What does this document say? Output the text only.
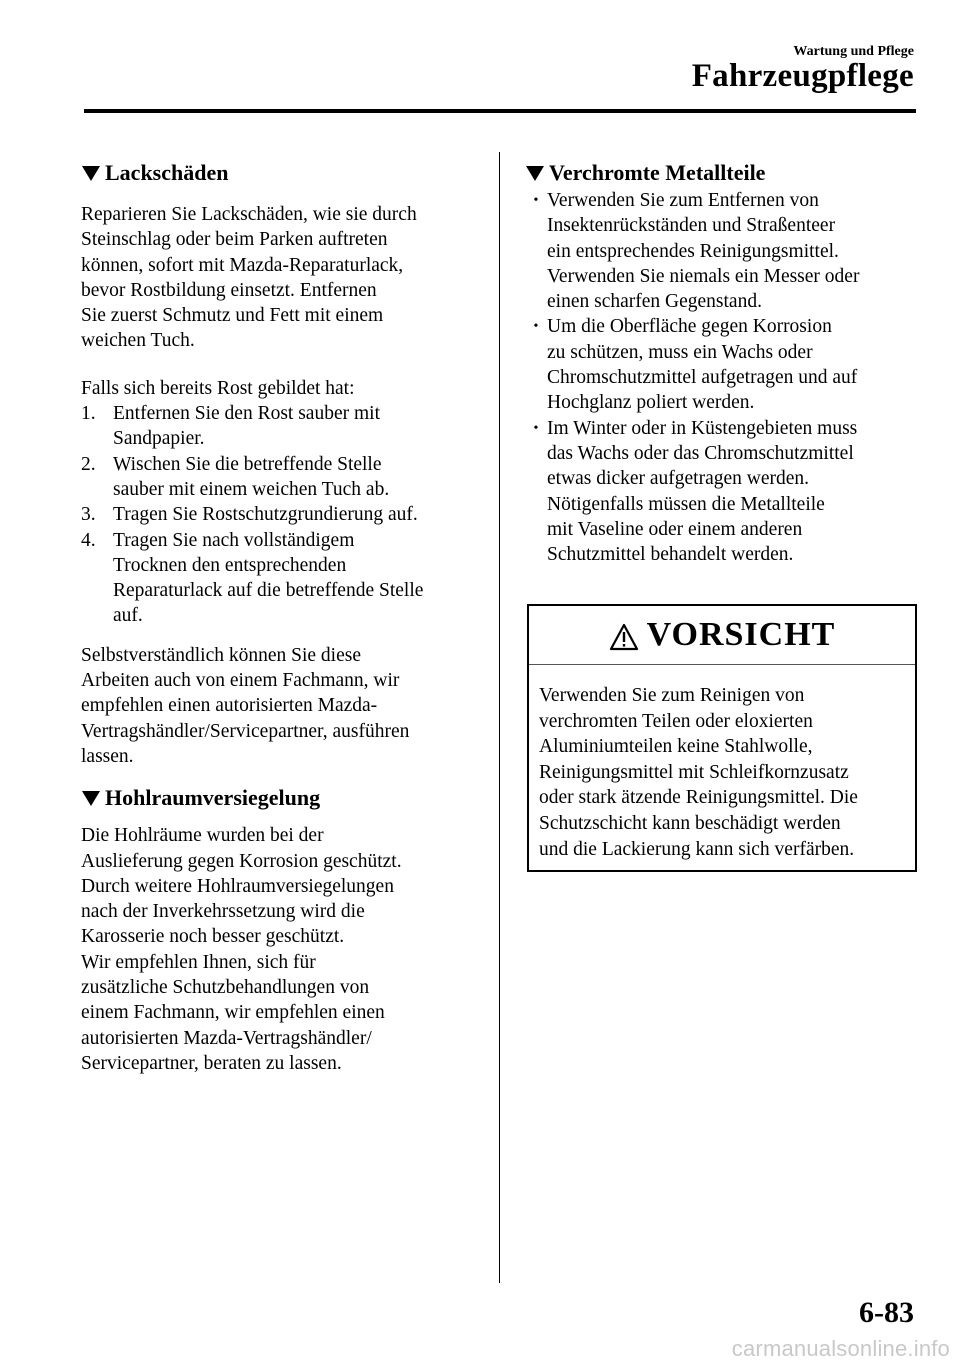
Wartung und Pflege
Fahrzeugpflege
Lackschäden

Reparieren Sie Lackschäden, wie sie durch
Steinschlag oder beim Parken auftreten
können, sofort mit Mazda-Reparaturlack,
bevor Rostbildung einsetzt. Entfernen
Sie zuerst Schmutz und Fett mit einem
weichen Tuch.

Falls sich bereits Rost gebildet hat:

1. Entfernen Sie den Rost sauber mit
Sandpapier.
2. Wischen Sie die betreffende Stelle
sauber mit einem weichen Tuch ab.
3. Tragen Sie Rostschutzgrundierung auf.
4. Tragen Sie nach vollständigem
Trocknen den entsprechenden
Reparaturlack auf die betreffende Stelle
auf.

Selbstverständlich können Sie diese
Arbeiten auch von einem Fachmann, wir
empfehlen einen autorisierten Mazda-
Vertragshändler/Servicepartner, ausführen
lassen.

Hohlraumversiegelung

Die Hohlräume wurden bei der
Auslieferung gegen Korrosion geschützt.
Durch weitere Hohlraumversiegelungen
nach der Inverkehrssetzung wird die
Karosserie noch besser geschützt.
Wir empfehlen Ihnen, sich für
zusätzliche Schutzbehandlungen von
einem Fachmann, wir empfehlen einen
autorisierten Mazda-Vertragshändler/
Servicepartner, beraten zu lassen.

Verchromte Metallteile
• Verwenden Sie zum Entfernen von
Insektenrückständen und Straßenteer
ein entsprechendes Reinigungsmittel.
Verwenden Sie niemals ein Messer oder
einen scharfen Gegenstand.
• Um die Oberfläche gegen Korrosion
zu schützen, muss ein Wachs oder
Chromschutzmittel aufgetragen und auf
Hochglanz poliert werden.
• Im Winter oder in Küstengebieten muss
das Wachs oder das Chromschutzmittel
etwas dicker aufgetragen werden.
Nötigenfalls müssen die Metallteile
mit Vaseline oder einem anderen
Schutzmittel behandelt werden.
VORSICHT

Verwenden Sie zum Reinigen von
verchromten Teilen oder eloxierten
Aluminiumteilen keine Stahlwolle,
Reinigungsmittel mit Schleifkornzusatz
oder stark ätzende Reinigungsmittel. Die
Schutzschicht kann beschädigt werden
und die Lackierung kann sich verfärben.

6-83
carmanualsonline.info
